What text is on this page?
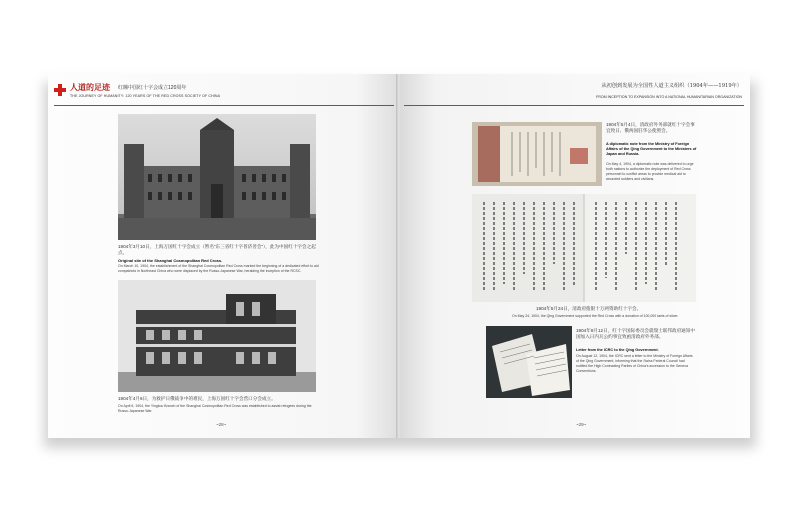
人道的足迹 红曈中国红十字会成立120周年
THE JOURNEY OF HUMANITY: 120 YEARS OF THE RED CROSS SOCIETY OF CHINA
1904年3月10日，上海万国红十字会成立（暂名“东三省红十字普济善会”），此为中国红十字会之起点。
Original site of the Shanghai Cosmopolitan Red Cross.
On March 10, 1904, the establishment of the Shanghai Cosmopolitan Red Cross marked the beginning of a dedicated effort to aid compatriots in Northeast China who were displaced by the Russo-Japanese War, heralding the inception of the RCSC.
1904年4月6日，为救护日俄战争中的难民，上海万国红十字会营口分会成立。
On April 6, 1904, the Yingkou Branch of the Shanghai Cosmopolitan Red Cross was established to assist refugees during the Russo-Japanese War.
~28~
从初创到发展为全国性人道主义组织（1904年——1919年）
FROM INCEPTION TO EXPANSION INTO A NATIONAL HUMANITARIAN ORGANIZATION
1904年5月4日，清政府外务部就红十字会事宜致日、俄两国驻华公使照会。
A diplomatic note from the Ministry of Foreign Affairs of the Qing Government to the Ministers of Japan and Russia.
On May 4, 1904, a diplomatic note was delivered to urge both nations to authorize the deployment of Red Cross personnel to conflict areas to provide medical aid to wounded soldiers and civilians.
1904年5月24日，清政府拨银十万两资助红十字会。
On May 24, 1904, the Qing Government supported the Red Cross with a donation of 100,000 taels of silver.
1904年8月12日，红十字国际委员会就瑞士联邦政府通知中国加入日内瓦公约事宜致函清政府外务部。
Letter from the ICRC to the Qing Government.
On August 12, 1904, the ICRC sent a letter to the Ministry of Foreign Affairs of the Qing Government, informing that the Swiss Federal Council had notified the High Contracting Parties of China's accession to the Geneva Conventions.
~29~
